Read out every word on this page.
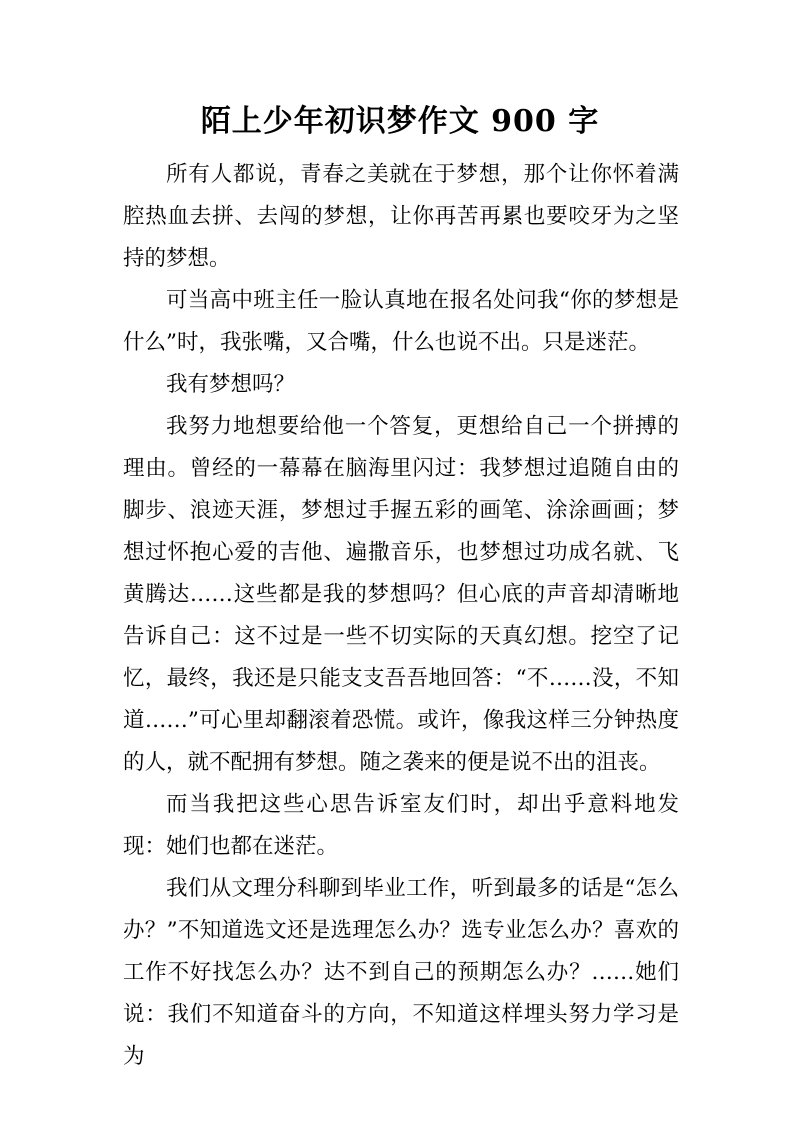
陌上少年初识梦作文 900 字

所有人都说，青春之美就在于梦想，那个让你怀着满腔热血去拼、去闯的梦想，让你再苦再累也要咬牙为之坚持的梦想。

可当高中班主任一脸认真地在报名处问我“你的梦想是什么”时，我张嘴，又合嘴，什么也说不出。只是迷茫。

我有梦想吗？

我努力地想要给他一个答复，更想给自己一个拼搏的理由。曾经的一幕幕在脑海里闪过：我梦想过追随自由的脚步、浪迹天涯，梦想过手握五彩的画笔、涂涂画画；梦想过怀抱心爱的吉他、遍撒音乐，也梦想过功成名就、飞黄腾达……这些都是我的梦想吗？但心底的声音却清晰地告诉自己：这不过是一些不切实际的天真幻想。挖空了记忆，最终，我还是只能支支吾吾地回答：“不……没，不知道……”可心里却翻滚着恐慌。或许，像我这样三分钟热度的人，就不配拥有梦想。随之袭来的便是说不出的沮丧。

而当我把这些心思告诉室友们时，却出乎意料地发现：她们也都在迷茫。

我们从文理分科聊到毕业工作，听到最多的话是“怎么办？”不知道选文还是选理怎么办？选专业怎么办？喜欢的工作不好找怎么办？达不到自己的预期怎么办？……她们说：我们不知道奋斗的方向，不知道这样埋头努力学习是为
